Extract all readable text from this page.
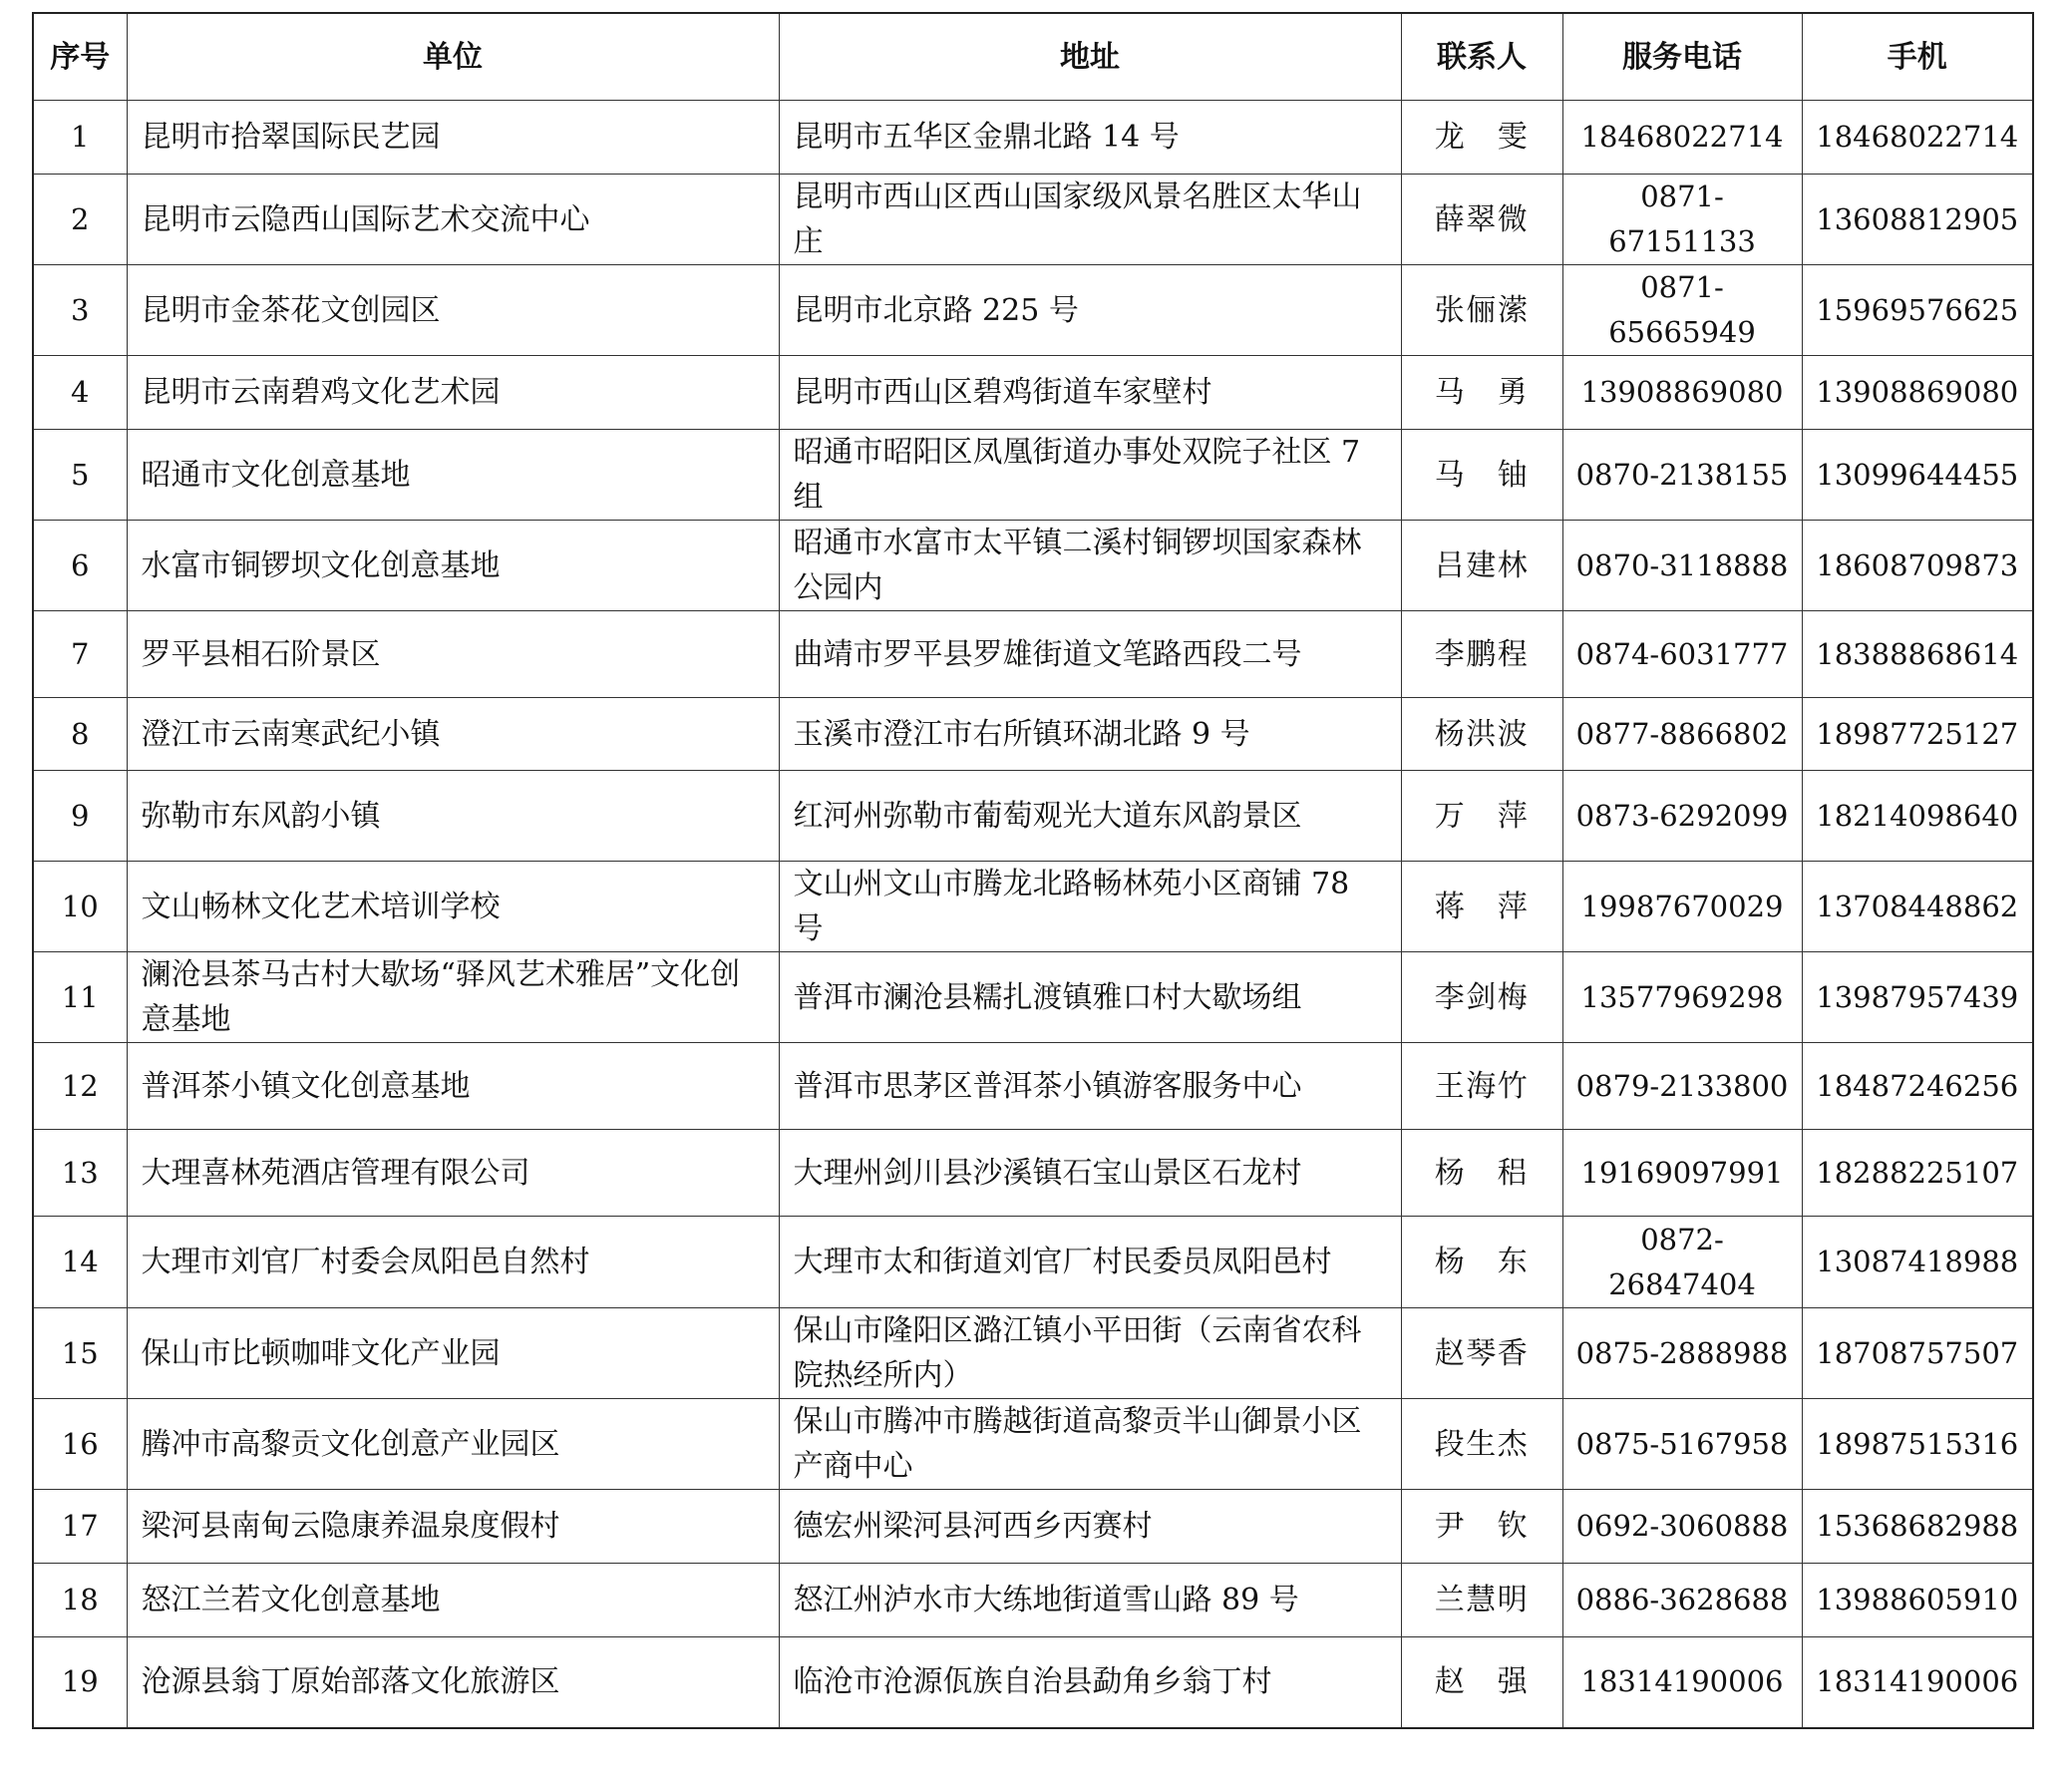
序号	单位	地址	联系人	服务电话	手机
1	昆明市拾翠国际民艺园	昆明市五华区金鼎北路 14 号	龙　雯	18468022714	18468022714
2	昆明市云隐西山国际艺术交流中心	昆明市西山区西山国家级风景名胜区太华山庄	薛翠微	0871-67151133	13608812905
3	昆明市金茶花文创园区	昆明市北京路 225 号	张俪潆	0871-65665949	15969576625
4	昆明市云南碧鸡文化艺术园	昆明市西山区碧鸡街道车家壁村	马　勇	13908869080	13908869080
5	昭通市文化创意基地	昭通市昭阳区凤凰街道办事处双院子社区 7 组	马　铀	0870-2138155	13099644455
6	水富市铜锣坝文化创意基地	昭通市水富市太平镇二溪村铜锣坝国家森林公园内	吕建林	0870-3118888	18608709873
7	罗平县相石阶景区	曲靖市罗平县罗雄街道文笔路西段二号	李鹏程	0874-6031777	18388868614
8	澄江市云南寒武纪小镇	玉溪市澄江市右所镇环湖北路 9 号	杨洪波	0877-8866802	18987725127
9	弥勒市东风韵小镇	红河州弥勒市葡萄观光大道东风韵景区	万　萍	0873-6292099	18214098640
10	文山畅林文化艺术培训学校	文山州文山市腾龙北路畅林苑小区商铺 78 号	蒋　萍	19987670029	13708448862
11	澜沧县茶马古村大歇场“驿风艺术雅居”文化创意基地	普洱市澜沧县糯扎渡镇雅口村大歇场组	李剑梅	13577969298	13987957439
12	普洱茶小镇文化创意基地	普洱市思茅区普洱茶小镇游客服务中心	王海竹	0879-2133800	18487246256
13	大理喜林苑酒店管理有限公司	大理州剑川县沙溪镇石宝山景区石龙村	杨　稆	19169097991	18288225107
14	大理市刘官厂村委会凤阳邑自然村	大理市太和街道刘官厂村民委员凤阳邑村	杨　东	0872-26847404	13087418988
15	保山市比顿咖啡文化产业园	保山市隆阳区潞江镇小平田街（云南省农科院热经所内）	赵琴香	0875-2888988	18708757507
16	腾冲市高黎贡文化创意产业园区	保山市腾冲市腾越街道高黎贡半山御景小区产商中心	段生杰	0875-5167958	18987515316
17	梁河县南甸云隐康养温泉度假村	德宏州梁河县河西乡丙赛村	尹　钦	0692-3060888	15368682988
18	怒江兰若文化创意基地	怒江州泸水市大练地街道雪山路 89 号	兰慧明	0886-3628688	13988605910
19	沧源县翁丁原始部落文化旅游区	临沧市沧源佤族自治县勐角乡翁丁村	赵　强	18314190006	18314190006
